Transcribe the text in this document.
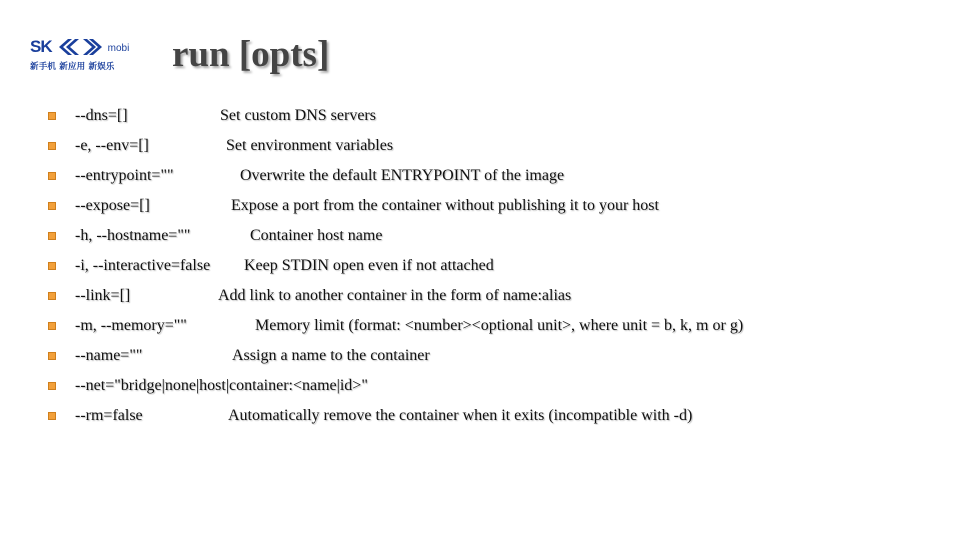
SK	mobi
新手机 新应用 新娱乐 run [opts]
--dns=[]	Set custom DNS servers
-e, --env=[]	Set environment variables
--entrypoint=""	Overwrite the default ENTRYPOINT of the image
--expose=[]	Expose a port from the container without publishing it to your host
-h, --hostname=""	Container host name
-i, --interactive=false Keep STDIN open even if not attached
--link=[]	Add link to another container in the form of name:alias
-m, --memory=""	Memory limit (format: <number><optional unit>, where unit = b, k, m or g)
--name=""	Assign a name to the container
--net="bridge|none|host|container:<name|id>"
--rm=false	Automatically remove the container when it exits (incompatible with -d)
